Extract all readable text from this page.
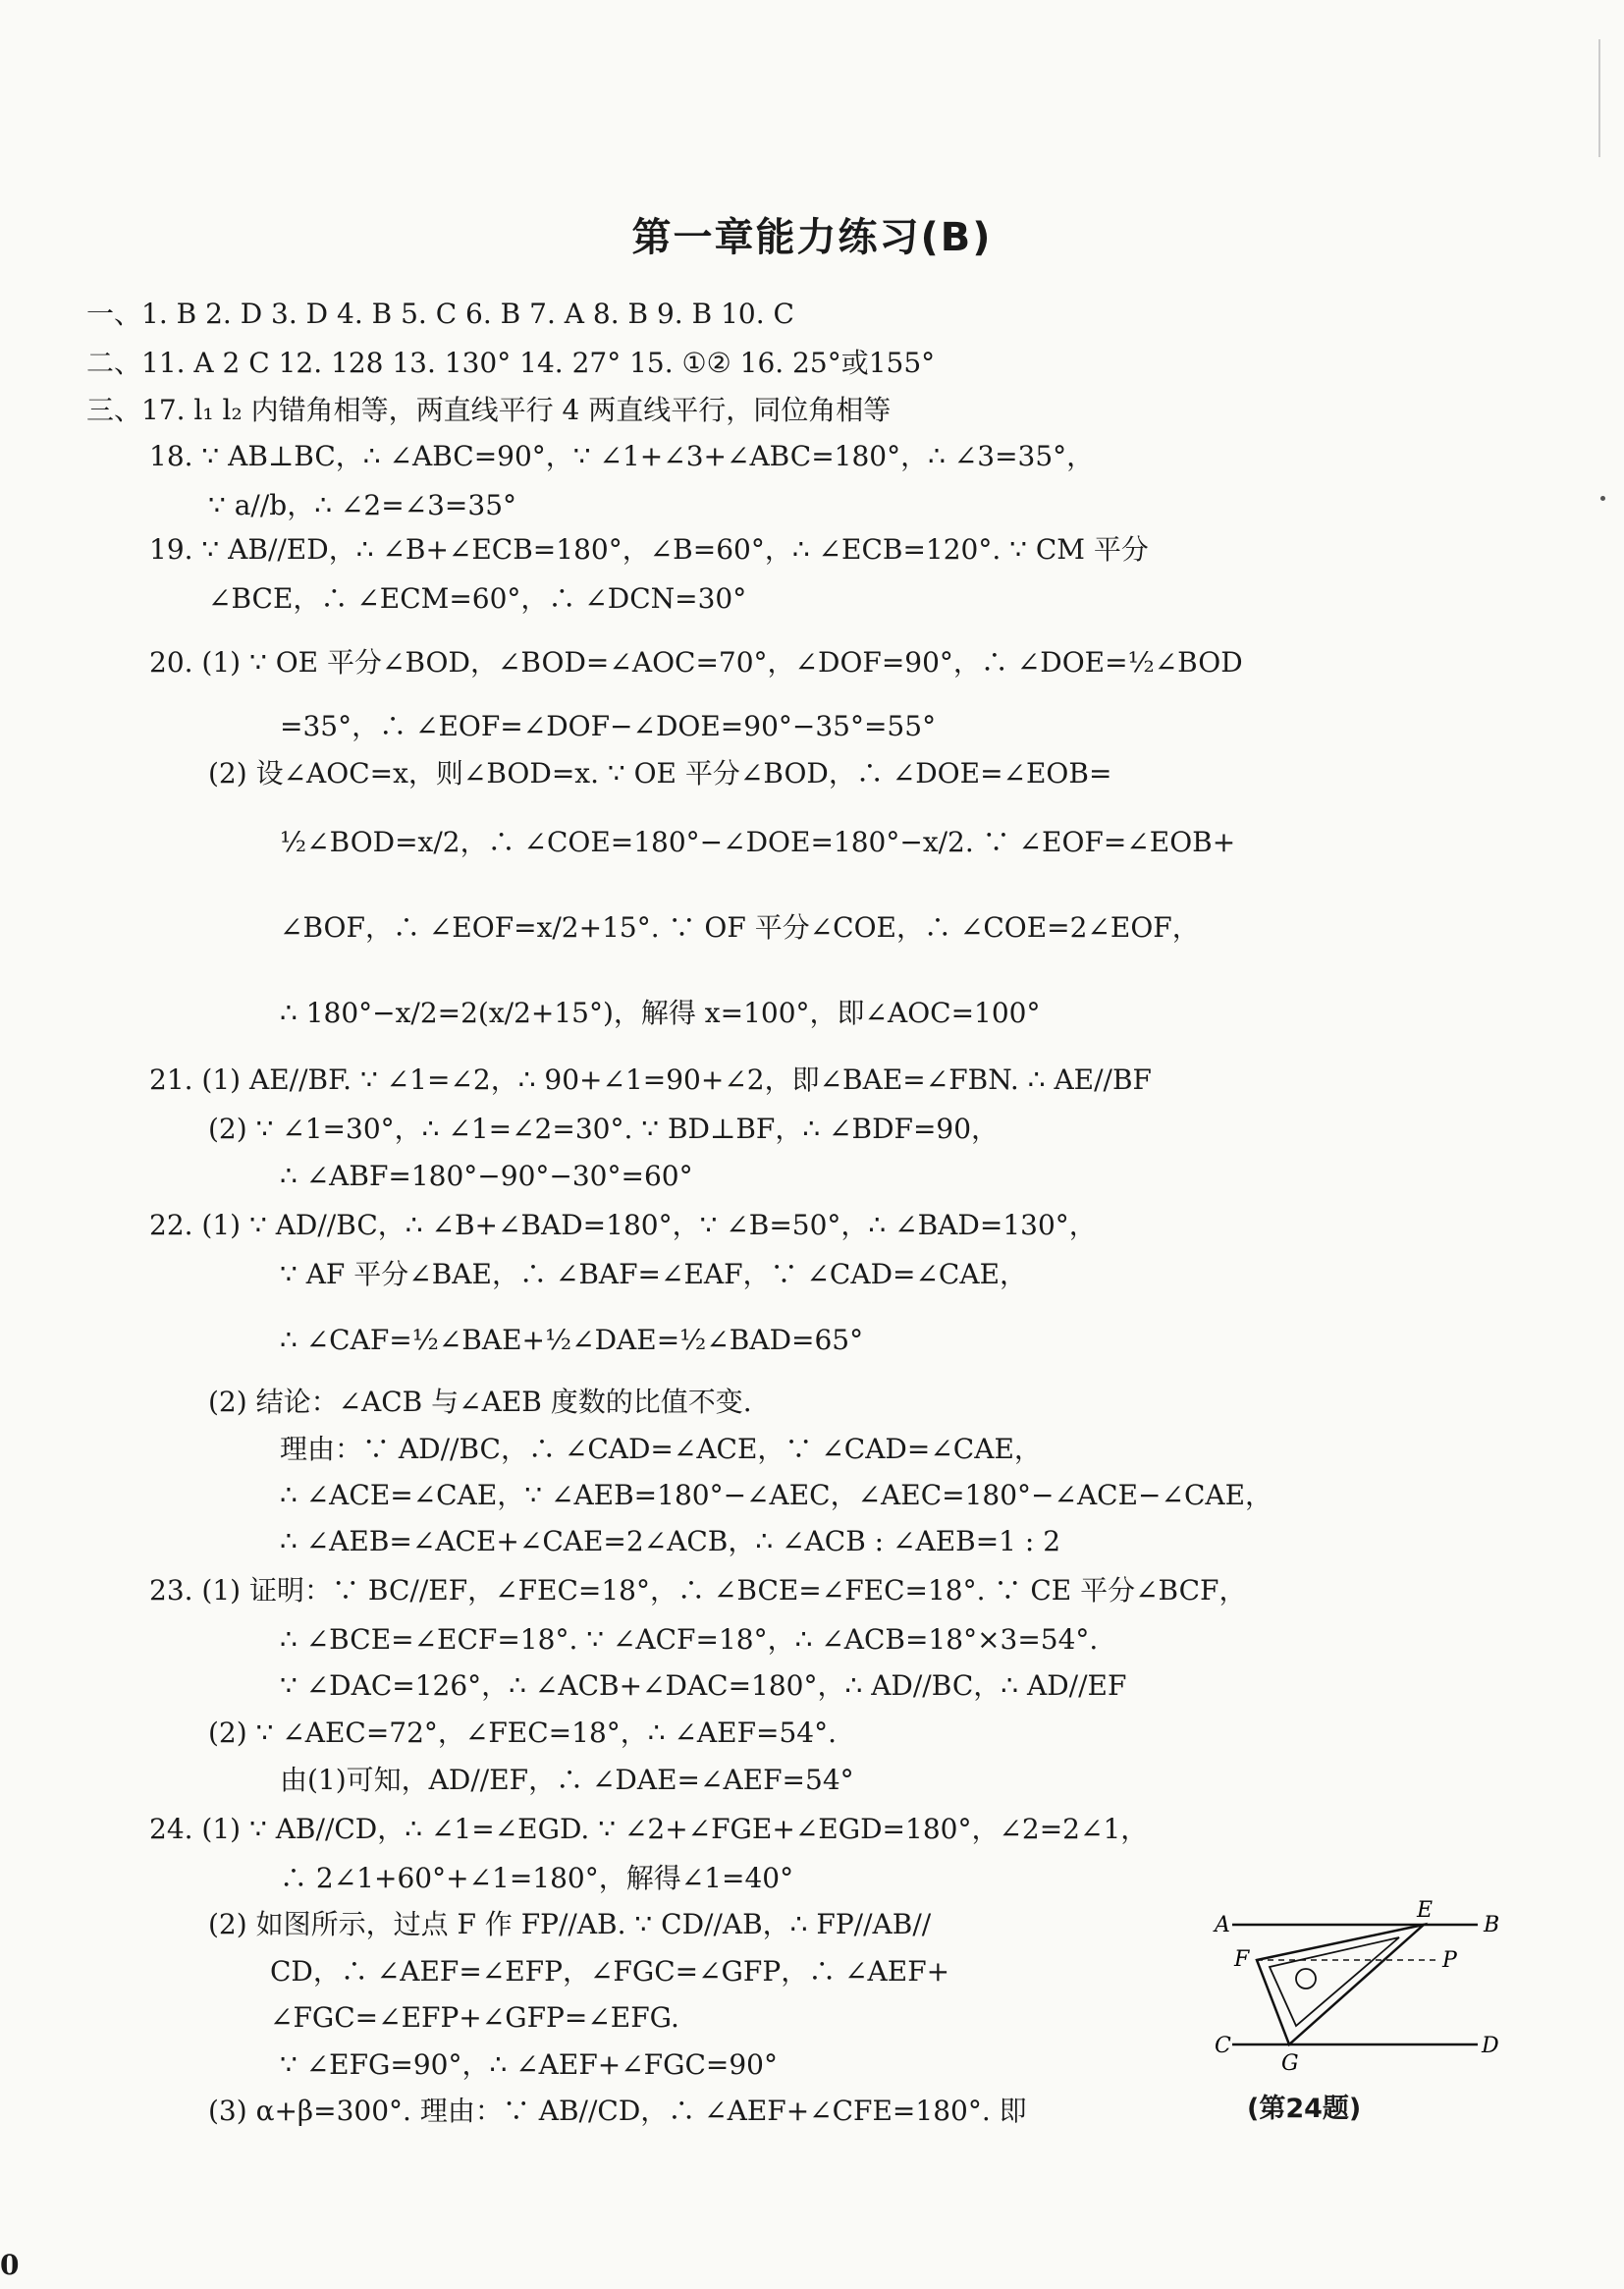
第一章能力练习(B)
一、1. B 2. D 3. D 4. B 5. C 6. B 7. A 8. B 9. B 10. C
二、11. A 2 C 12. 128 13. 130° 14. 27° 15. ①② 16. 25°或155°
三、17. l₁ l₂ 内错角相等，两直线平行 4 两直线平行，同位角相等
18. ∵ AB⊥BC，∴ ∠ABC=90°，∵ ∠1+∠3+∠ABC=180°，∴ ∠3=35°，
∵ a//b，∴ ∠2=∠3=35°
19. ∵ AB//ED，∴ ∠B+∠ECB=180°，∠B=60°，∴ ∠ECB=120°. ∵ CM 平分
∠BCE，∴ ∠ECM=60°，∴ ∠DCN=30°
20. (1) ∵ OE 平分∠BOD，∠BOD=∠AOC=70°，∠DOF=90°，∴ ∠DOE=½∠BOD
=35°，∴ ∠EOF=∠DOF−∠DOE=90°−35°=55°
(2) 设∠AOC=x，则∠BOD=x. ∵ OE 平分∠BOD，∴ ∠DOE=∠EOB=
½∠BOD=x/2，∴ ∠COE=180°−∠DOE=180°−x/2. ∵ ∠EOF=∠EOB+
∠BOF，∴ ∠EOF=x/2+15°. ∵ OF 平分∠COE，∴ ∠COE=2∠EOF，
∴ 180°−x/2=2(x/2+15°)，解得 x=100°，即∠AOC=100°
21. (1) AE//BF. ∵ ∠1=∠2，∴ 90+∠1=90+∠2，即∠BAE=∠FBN. ∴ AE//BF
(2) ∵ ∠1=30°，∴ ∠1=∠2=30°. ∵ BD⊥BF，∴ ∠BDF=90，
∴ ∠ABF=180°−90°−30°=60°
22. (1) ∵ AD//BC，∴ ∠B+∠BAD=180°，∵ ∠B=50°，∴ ∠BAD=130°，
∵ AF 平分∠BAE，∴ ∠BAF=∠EAF，∵ ∠CAD=∠CAE，
∴ ∠CAF=½∠BAE+½∠DAE=½∠BAD=65°
(2) 结论：∠ACB 与∠AEB 度数的比值不变.
理由：∵ AD//BC，∴ ∠CAD=∠ACE，∵ ∠CAD=∠CAE，
∴ ∠ACE=∠CAE，∵ ∠AEB=180°−∠AEC，∠AEC=180°−∠ACE−∠CAE，
∴ ∠AEB=∠ACE+∠CAE=2∠ACB，∴ ∠ACB : ∠AEB=1 : 2
23. (1) 证明：∵ BC//EF，∠FEC=18°，∴ ∠BCE=∠FEC=18°. ∵ CE 平分∠BCF，
∴ ∠BCE=∠ECF=18°. ∵ ∠ACF=18°，∴ ∠ACB=18°×3=54°.
∵ ∠DAC=126°，∴ ∠ACB+∠DAC=180°，∴ AD//BC，∴ AD//EF
(2) ∵ ∠AEC=72°，∠FEC=18°，∴ ∠AEF=54°.
由(1)可知，AD//EF，∴ ∠DAE=∠AEF=54°
24. (1) ∵ AB//CD，∴ ∠1=∠EGD. ∵ ∠2+∠FGE+∠EGD=180°，∠2=2∠1，
∴ 2∠1+60°+∠1=180°，解得∠1=40°
(2) 如图所示，过点 F 作 FP//AB. ∵ CD//AB，∴ FP//AB//
CD，∴ ∠AEF=∠EFP，∠FGC=∠GFP，∴ ∠AEF+
∠FGC=∠EFP+∠GFP=∠EFG.
∵ ∠EFG=90°，∴ ∠AEF+∠FGC=90°
(3) α+β=300°. 理由：∵ AB//CD，∴ ∠AEF+∠CFE=180°. 即
A
E
B
F	P
C
G
D
(第24题)
0
